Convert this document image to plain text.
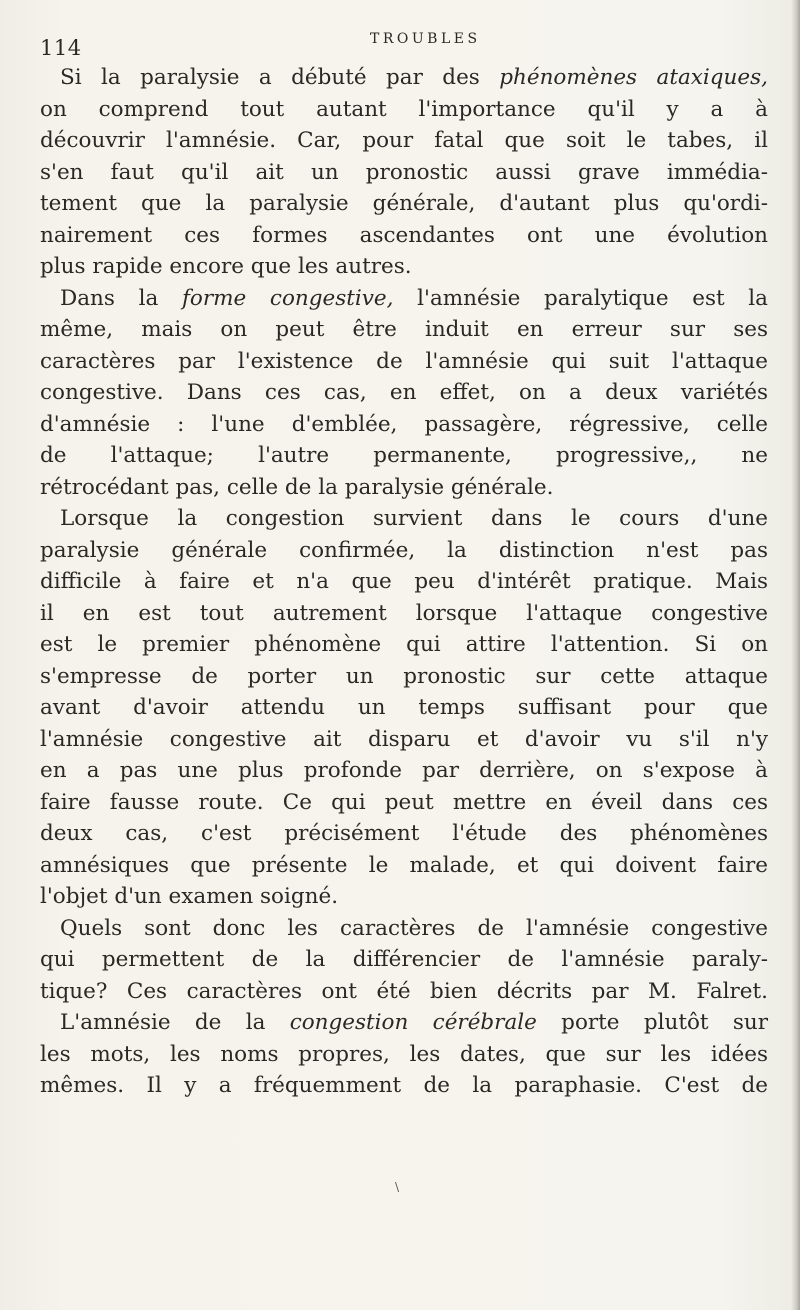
114	TROUBLES
Si la paralysie a débuté par des phénomènes ataxiques,
on comprend tout autant l'importance qu'il y a à
découvrir l'amnésie. Car, pour fatal que soit le tabes, il
s'en faut qu'il ait un pronostic aussi grave immédia-
tement que la paralysie générale, d'autant plus qu'ordi-
nairement ces formes ascendantes ont une évolution
plus rapide encore que les autres.
Dans la forme congestive, l'amnésie paralytique est la
même, mais on peut être induit en erreur sur ses
caractères par l'existence de l'amnésie qui suit l'attaque
congestive. Dans ces cas, en effet, on a deux variétés
d'amnésie : l'une d'emblée, passagère, régressive, celle
de l'attaque; l'autre permanente, progressive,, ne
rétrocédant pas, celle de la paralysie générale.
Lorsque la congestion survient dans le cours d'une
paralysie générale confirmée, la distinction n'est pas
difficile à faire et n'a que peu d'intérêt pratique. Mais
il en est tout autrement lorsque l'attaque congestive
est le premier phénomène qui attire l'attention. Si on
s'empresse de porter un pronostic sur cette attaque
avant d'avoir attendu un temps suffisant pour que
l'amnésie congestive ait disparu et d'avoir vu s'il n'y
en a pas une plus profonde par derrière, on s'expose à
faire fausse route. Ce qui peut mettre en éveil dans ces
deux cas, c'est précisément l'étude des phénomènes
amnésiques que présente le malade, et qui doivent faire
l'objet d'un examen soigné.
Quels sont donc les caractères de l'amnésie congestive
qui permettent de la différencier de l'amnésie paraly-
tique? Ces caractères ont été bien décrits par M. Falret.
L'amnésie de la congestion cérébrale porte plutôt sur
les mots, les noms propres, les dates, que sur les idées
mêmes. Il y a fréquemment de la paraphasie. C'est de
\
